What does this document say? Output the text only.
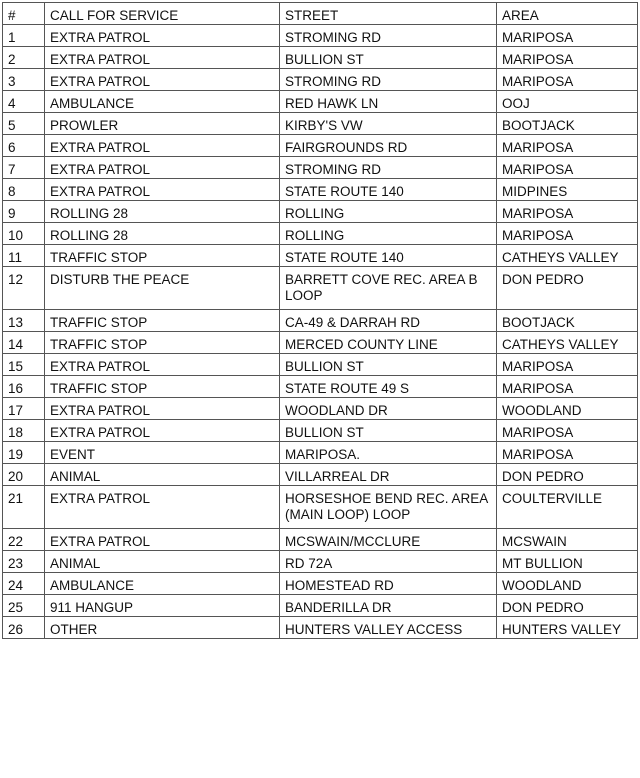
#	CALL FOR SERVICE	STREET	AREA
1	EXTRA PATROL	STROMING RD	MARIPOSA
2	EXTRA PATROL	BULLION ST	MARIPOSA
3	EXTRA PATROL	STROMING RD	MARIPOSA
4	AMBULANCE	RED HAWK LN	OOJ
5	PROWLER	KIRBY'S VW	BOOTJACK
6	EXTRA PATROL	FAIRGROUNDS RD	MARIPOSA
7	EXTRA PATROL	STROMING RD	MARIPOSA
8	EXTRA PATROL	STATE ROUTE 140	MIDPINES
9	ROLLING 28	ROLLING	MARIPOSA
10	ROLLING 28	ROLLING	MARIPOSA
11	TRAFFIC STOP	STATE ROUTE 140	CATHEYS VALLEY
12	DISTURB THE PEACE	BARRETT COVE REC. AREA B LOOP	DON PEDRO
13	TRAFFIC STOP	CA-49 & DARRAH RD	BOOTJACK
14	TRAFFIC STOP	MERCED COUNTY LINE	CATHEYS VALLEY
15	EXTRA PATROL	BULLION ST	MARIPOSA
16	TRAFFIC STOP	STATE ROUTE 49 S	MARIPOSA
17	EXTRA PATROL	WOODLAND DR	WOODLAND
18	EXTRA PATROL	BULLION ST	MARIPOSA
19	EVENT	MARIPOSA.	MARIPOSA
20	ANIMAL	VILLARREAL DR	DON PEDRO
21	EXTRA PATROL	HORSESHOE BEND REC. AREA (MAIN LOOP) LOOP	COULTERVILLE
22	EXTRA PATROL	MCSWAIN/MCCLURE	MCSWAIN
23	ANIMAL	RD 72A	MT BULLION
24	AMBULANCE	HOMESTEAD RD	WOODLAND
25	911 HANGUP	BANDERILLA DR	DON PEDRO
26	OTHER	HUNTERS VALLEY ACCESS	HUNTERS VALLEY
